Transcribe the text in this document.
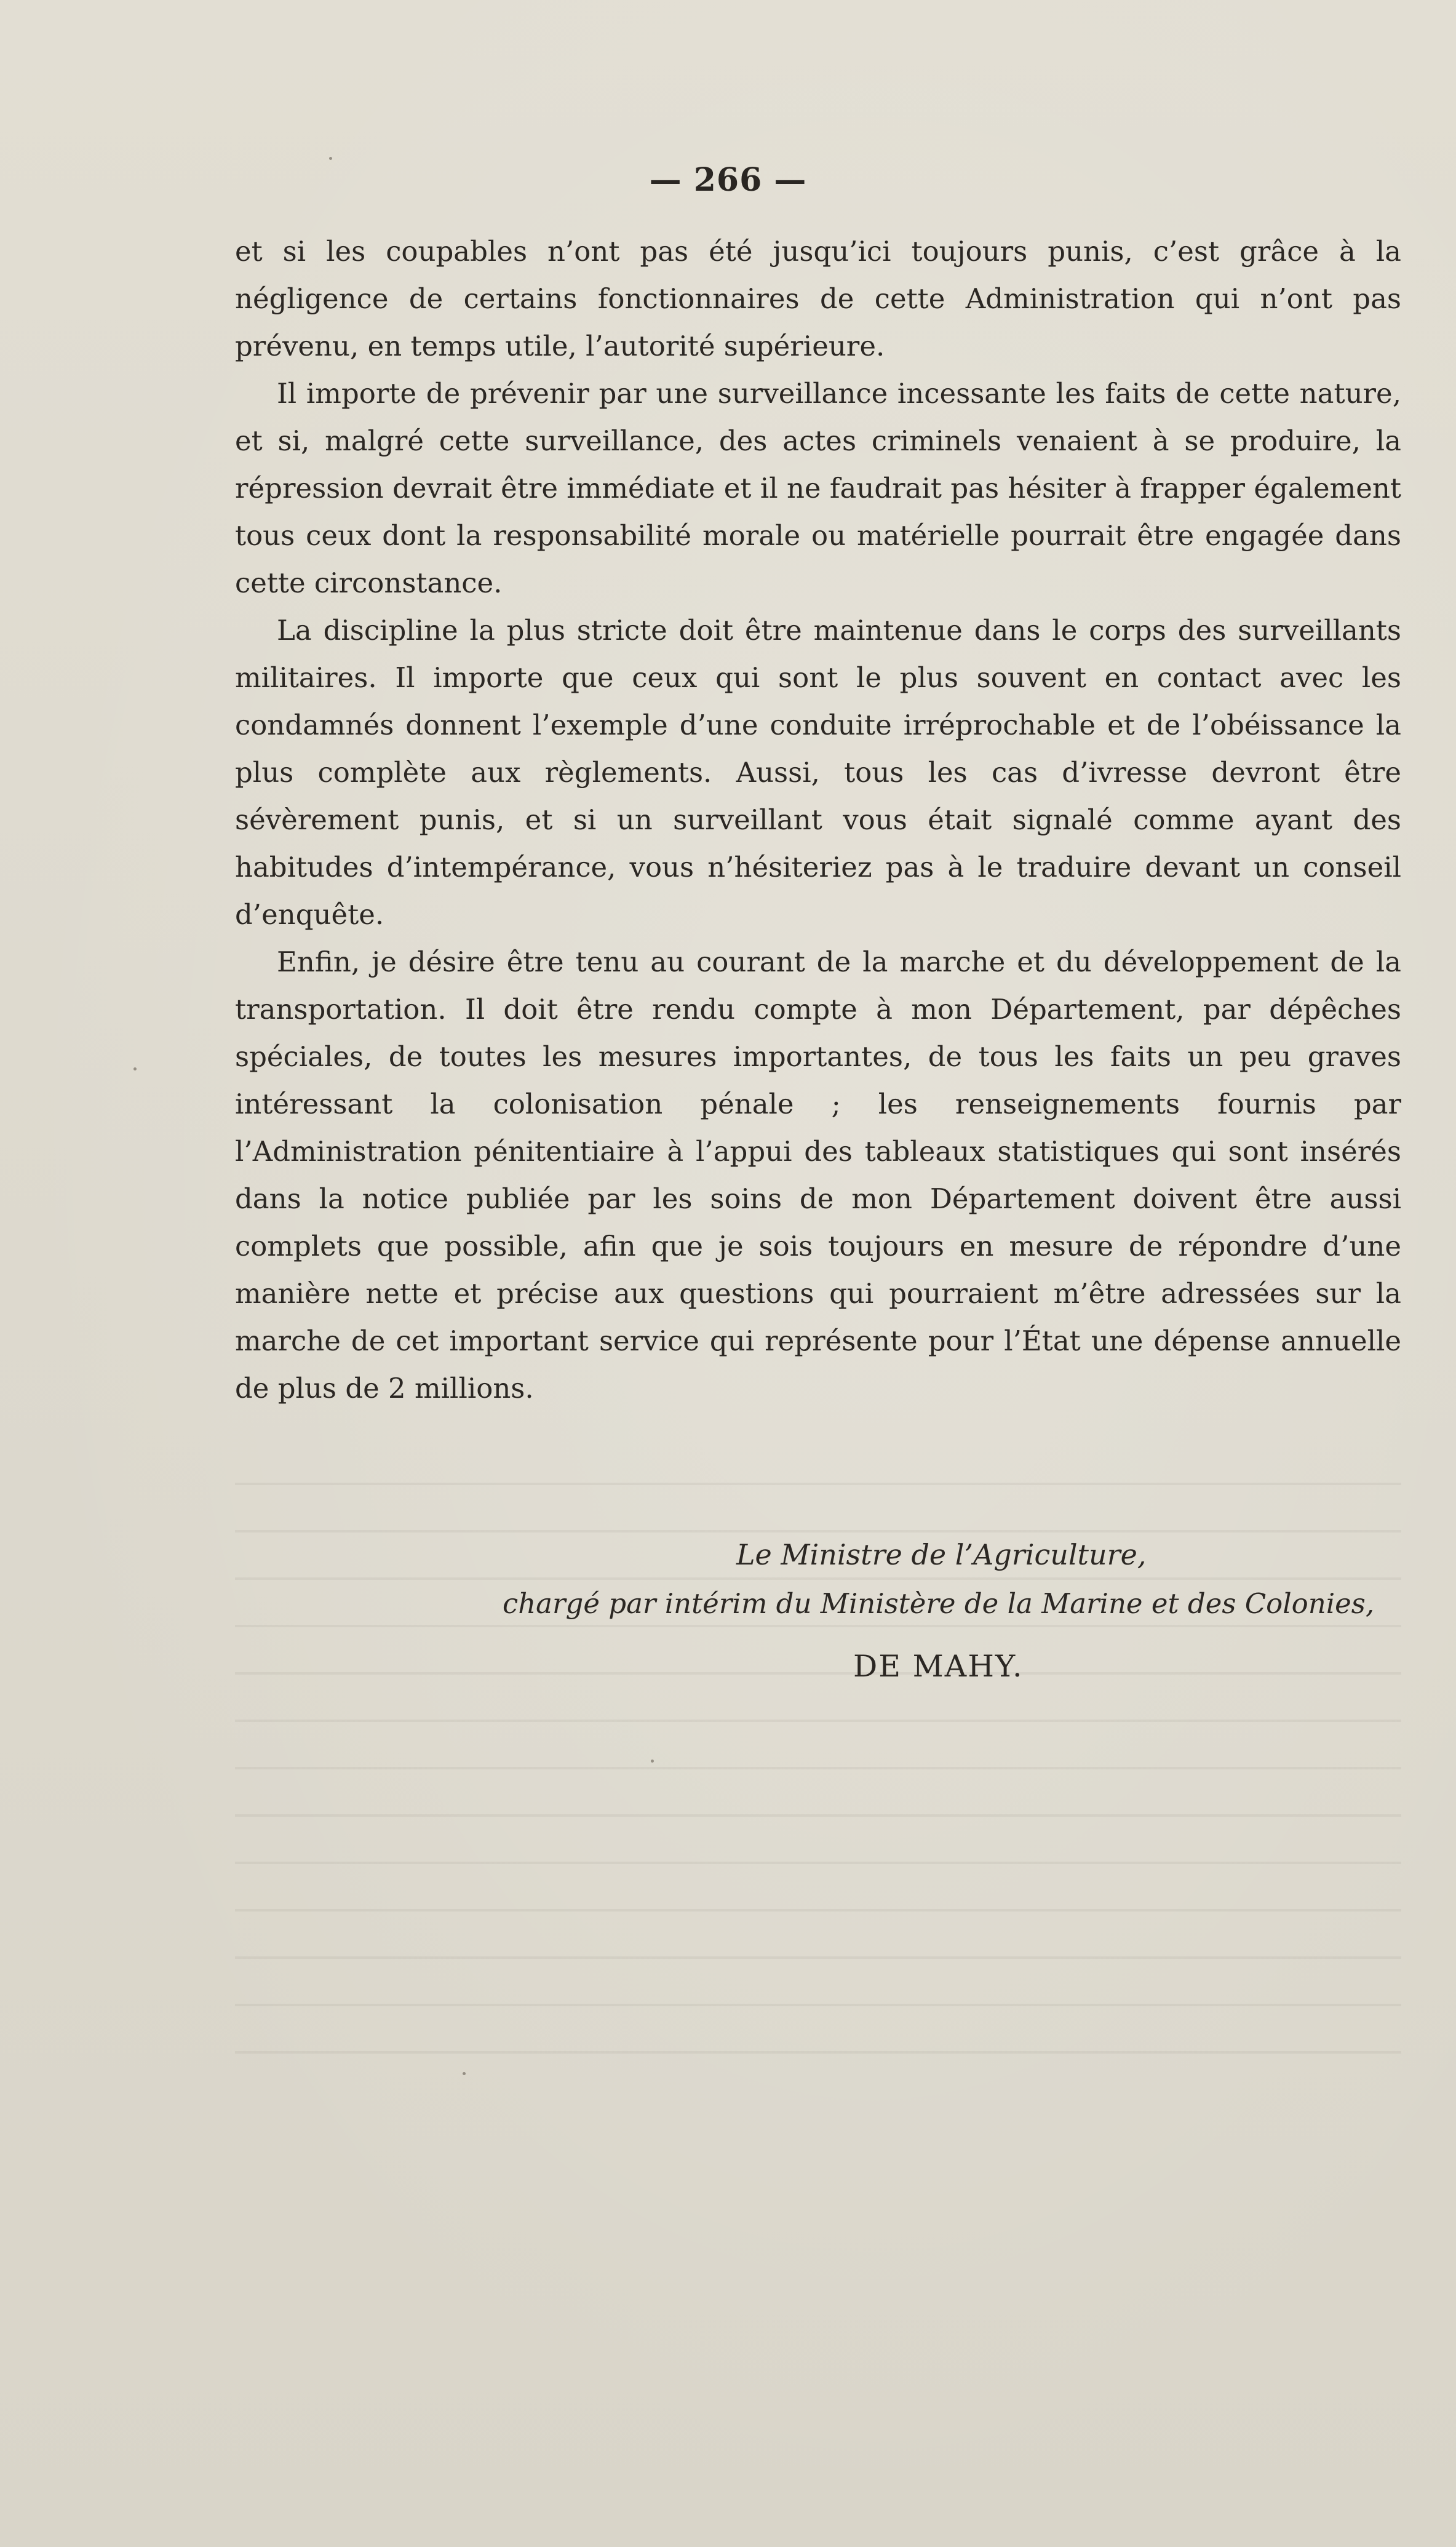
— 266 —

et si les coupables n’ont pas été jusqu’ici toujours punis, c’est grâce à la négligence de certains fonctionnaires de cette Administration qui n’ont pas prévenu, en temps utile, l’autorité supérieure.

Il importe de prévenir par une surveillance incessante les faits de cette nature, et si, malgré cette surveillance, des actes criminels venaient à se produire, la répression devrait être immédiate et il ne faudrait pas hésiter à frapper également tous ceux dont la responsabilité morale ou matérielle pourrait être engagée dans cette circonstance.

La discipline la plus stricte doit être maintenue dans le corps des surveillants militaires. Il importe que ceux qui sont le plus souvent en contact avec les condamnés donnent l’exemple d’une conduite irréprochable et de l’obéissance la plus complète aux règlements. Aussi, tous les cas d’ivresse devront être sévèrement punis, et si un surveillant vous était signalé comme ayant des habitudes d’intempérance, vous n’hésiteriez pas à le traduire devant un conseil d’enquête.

Enfin, je désire être tenu au courant de la marche et du développement de la transportation. Il doit être rendu compte à mon Département, par dépêches spéciales, de toutes les mesures importantes, de tous les faits un peu graves intéressant la colonisation pénale ; les renseignements fournis par l’Administration pénitentiaire à l’appui des tableaux statistiques qui sont insérés dans la notice publiée par les soins de mon Département doivent être aussi complets que possible, afin que je sois toujours en mesure de répondre d’une manière nette et précise aux questions qui pourraient m’être adressées sur la marche de cet important service qui représente pour l’État une dépense annuelle de plus de 2 millions.

Le Ministre de l’Agriculture,
chargé par intérim du Ministère de la Marine et des Colonies,
DE MAHY.
